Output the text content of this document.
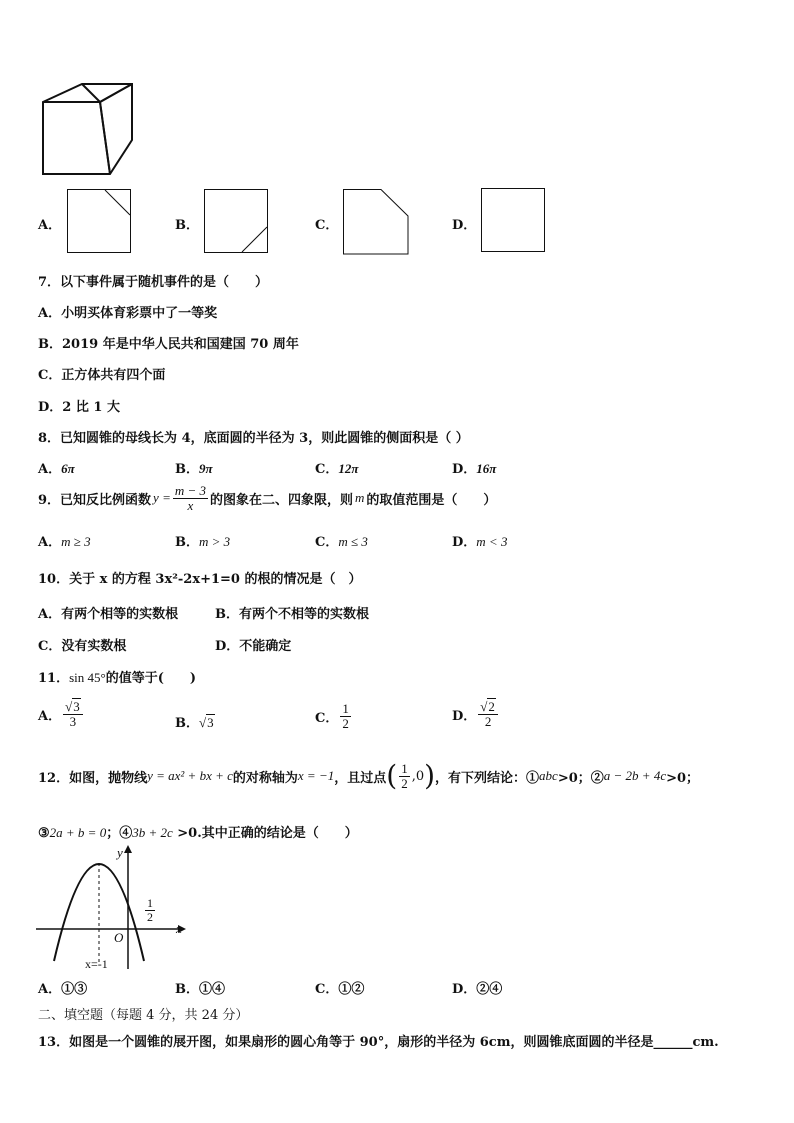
A．	B．	C．	D．
7．以下事件属于随机事件的是（　　）
A．小明买体育彩票中了一等奖
B．2019 年是中华人民共和国建国 70 周年
C．正方体共有四个面
D．2 比 1 大
8．已知圆锥的母线长为 4，底面圆的半径为 3，则此圆锥的侧面积是（ ）
A．6π	B．9π	C．12π	D．16π
9．已知反比例函数 $y = \frac{m - 3}{x}$ 的图象在二、四象限，则 m 的取值范围是（　　）
A．m ≥ 3	B．m > 3	C．m ≤ 3	D．m < 3
10．关于 x 的方程 3x²-2x+1=0 的根的情况是（　）
A．有两个相等的实数根	B．有两个不相等的实数根
C．没有实数根	D．不能确定
11．sin 45°的值等于(　　)
A． $\frac{√3}{3}$	B．√3	C． $\frac{1}{2}$	D． $\frac{√2}{2}$
12．如图，抛物线 y = ax² + bx + c 的对称轴为 x = −1 ，且过点 ( $\frac{1}{2} ,0$ ) ，有下列结论：① abc >0；② a − 2b + 4c >0；
③2a + b = 0；④3b + 2c >0.其中正确的结论是（　　）
y
x
O
$\frac{1}{2}$
x=-1
A．①③	B．①④	C．①②	D．②④
二、填空题（每题 4 分，共 24 分）
13．如图是一个圆锥的展开图，如果扇形的圆心角等于 90°，扇形的半径为 6cm，则圆锥底面圆的半径是______cm.
